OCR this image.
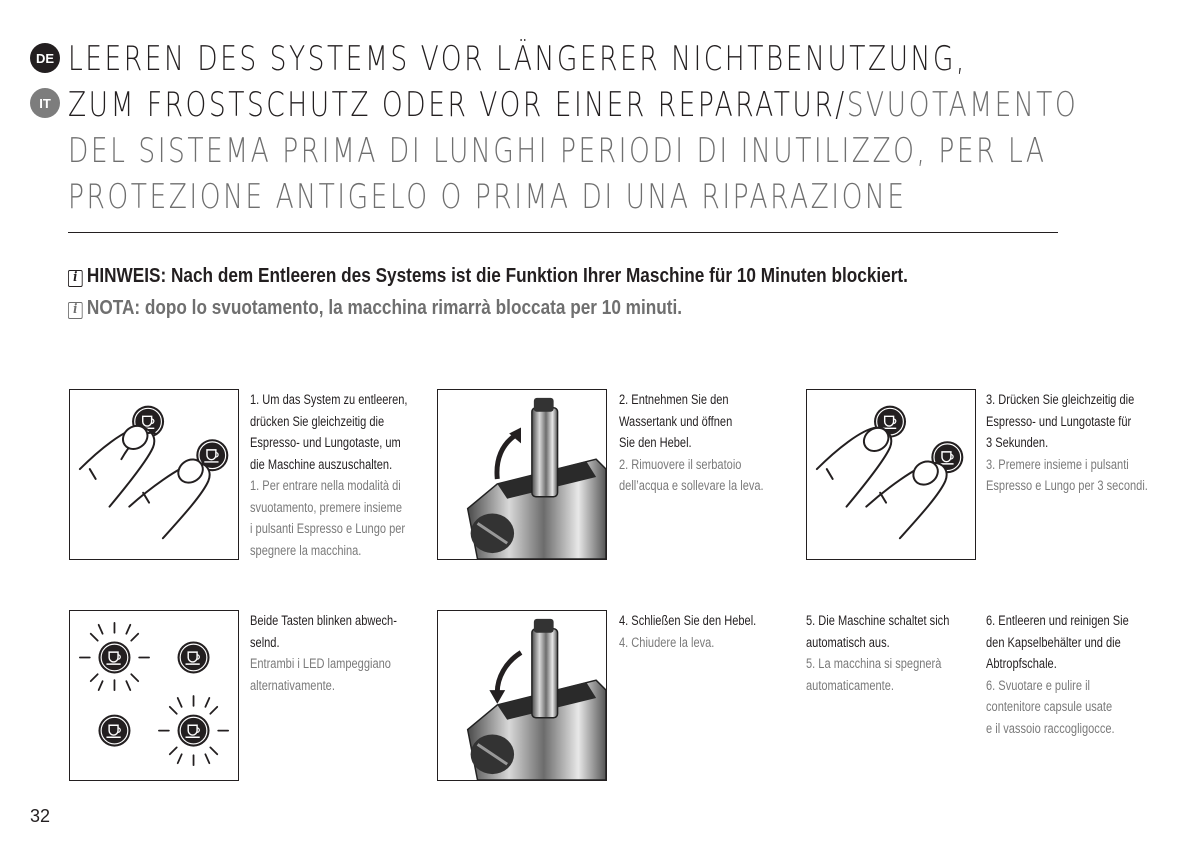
DE
IT
LEEREN DES SYSTEMS VOR LÄNGERER NICHTBENUTZUNG,
ZUM FROSTSCHUTZ ODER VOR EINER REPARATUR/SVUOTAMENTO
DEL SISTEMA PRIMA DI LUNGHI PERIODI DI INUTILIZZO, PER LA
PROTEZIONE ANTIGELO O PRIMA DI UNA RIPARAZIONE
i HINWEIS: Nach dem Entleeren des Systems ist die Funktion Ihrer Maschine für 10 Minuten blockiert.
i NOTA: dopo lo svuotamento, la macchina rimarrà bloccata per 10 minuti.
1. Um das System zu entleeren,
drücken Sie gleichzeitig die
Espresso- und Lungotaste, um
die Maschine auszuschalten.
1. Per entrare nella modalità di
svuotamento, premere insieme
i pulsanti Espresso e Lungo per
spegnere la macchina.
2. Entnehmen Sie den
Wassertank und öffnen
Sie den Hebel.
2. Rimuovere il serbatoio
dell’acqua e sollevare la leva.
3. Drücken Sie gleichzeitig die
Espresso- und Lungotaste für
3 Sekunden.
3. Premere insieme i pulsanti
Espresso e Lungo per 3 secondi.
Beide Tasten blinken abwech-
selnd.
Entrambi i LED lampeggiano
alternativamente.
4. Schließen Sie den Hebel.
4. Chiudere la leva.
5. Die Maschine schaltet sich
automatisch aus.
5. La macchina si spegnerà
automaticamente.
6. Entleeren und reinigen Sie
den Kapselbehälter und die
Abtropfschale.
6. Svuotare e pulire il
contenitore capsule usate
e il vassoio raccogligocce.
32
